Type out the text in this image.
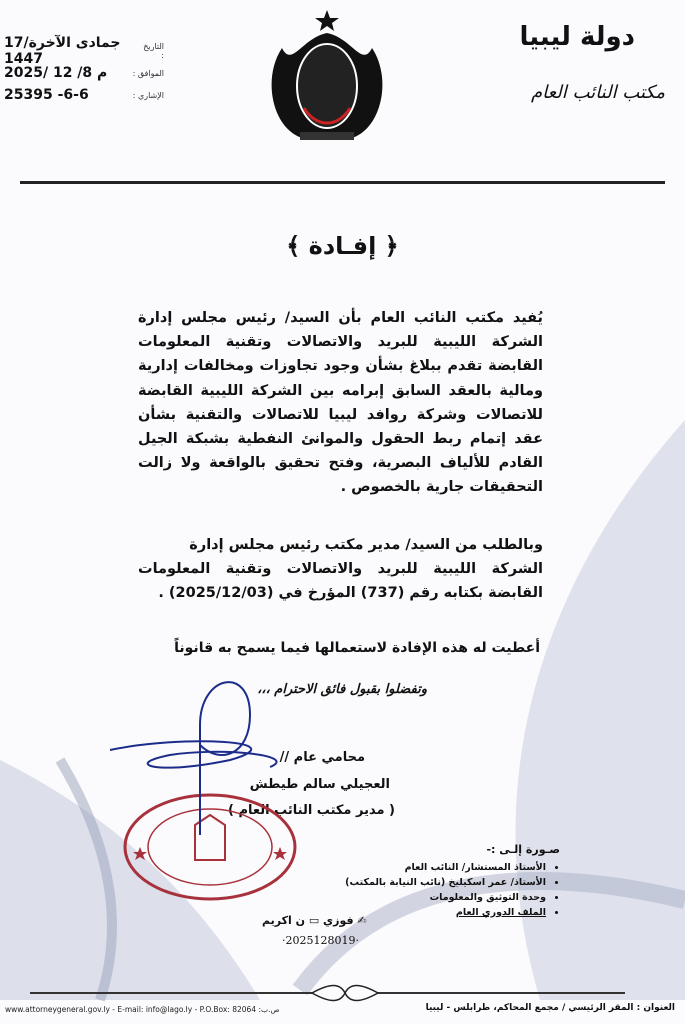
التاريخ :
17/جمادى الآخرة 1447
الموافق :
2025/ 12 /8 م
الإشاري :
25395 -6-6
دولة ليبيا
مكتب النائب العام
﴿ إفـادة ﴾
يُفيد مكتب النائب العام بأن السيد/ رئيس مجلس إدارة
الشركة الليبية للبريد والاتصالات وتقنية المعلومات
القابضة تقدم ببلاغ بشأن وجود تجاوزات ومخالفات إدارية
ومالية بالعقد السابق إبرامه بين الشركة الليبية القابضة
للاتصالات وشركة روافد ليبيا للاتصالات والتقنية بشأن
عقد إتمام ربط الحقول والموانئ النفطية بشبكة الجيل
القادم للألياف البصرية، وفتح تحقيق بالواقعة ولا زالت
التحقيقات جارية بالخصوص .
وبالطلب من السيد/ مدير مكتب رئيس مجلس إدارة
الشركة الليبية للبريد والاتصالات وتقنية المعلومات
القابضة بكتابه رقم (737) المؤرخ في (2025/12/03) .
أعطيت له هذه الإفادة لاستعمالها فيما يسمح به قانوناً
وتفضلوا بقبول فائق الاحترام ،،،
محامي عام //
العجيلي سالم طيطش
( مدير مكتب النائب العام )
صـورة إلـى :-
• الأستاذ المستشار/ النائب العام
• الأستاذ/ عمر اسكيليخ (نائب النيابة بالمكتب)
• وحدة التوثيق والمعلومات
• الملف الدوري العام
✍ فوزي ▭ ن اكريم
·2025128019·
www.attorneygeneral.gov.ly - E-mail: info@lago.ly - P.O.Box: 82064 :ص.ب	العنوان : المقر الرئيسي / مجمع المحاكم، طرابلس - ليبيا
